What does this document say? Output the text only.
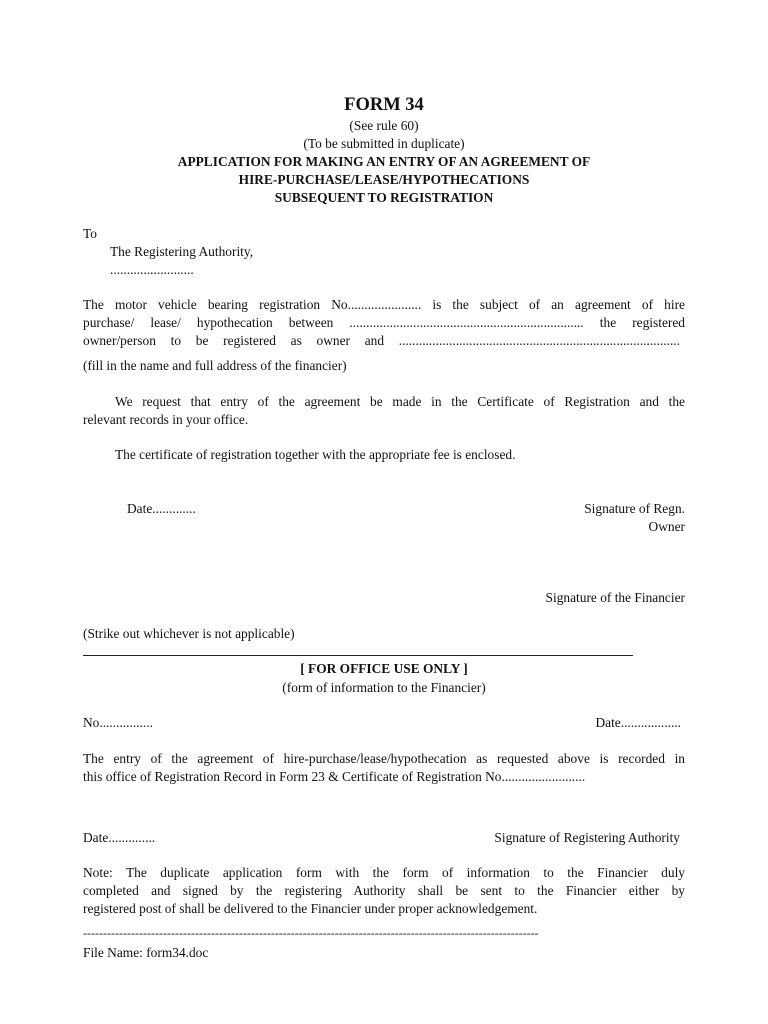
FORM 34
(See rule 60)
(To be submitted in duplicate)
APPLICATION FOR MAKING AN ENTRY OF AN AGREEMENT OF
HIRE-PURCHASE/LEASE/HYPOTHECATIONS
SUBSEQUENT TO REGISTRATION
To
The Registering Authority,
.........................
The motor vehicle bearing registration No...................... is the subject of an agreement of hire
purchase/ lease/ hypothecation between ...................................................................... the registered
owner/person to be registered as owner and ....................................................................................
(fill in the name and full address of the financier)
We request that entry of the agreement be made in the Certificate of Registration and the
relevant records in your office.
The certificate of registration together with the appropriate fee is enclosed.
Date.............	Signature of Regn.
Owner
Signature of the Financier
(Strike out whichever is not applicable)
[ FOR OFFICE USE ONLY ]
(form of information to the Financier)
No................	Date..................
The entry of the agreement of hire-purchase/lease/hypothecation as requested above is recorded in
this office of Registration Record in Form 23 & Certificate of Registration No.........................
Date..............	Signature of Registering Authority
Note: The duplicate application form with the form of information to the Financier duly
completed and signed by the registering Authority shall be sent to the Financier either by
registered post of shall be delivered to the Financier under proper acknowledgement.
------------------------------------------------------------------------------------------------------------------
File Name: form34.doc
